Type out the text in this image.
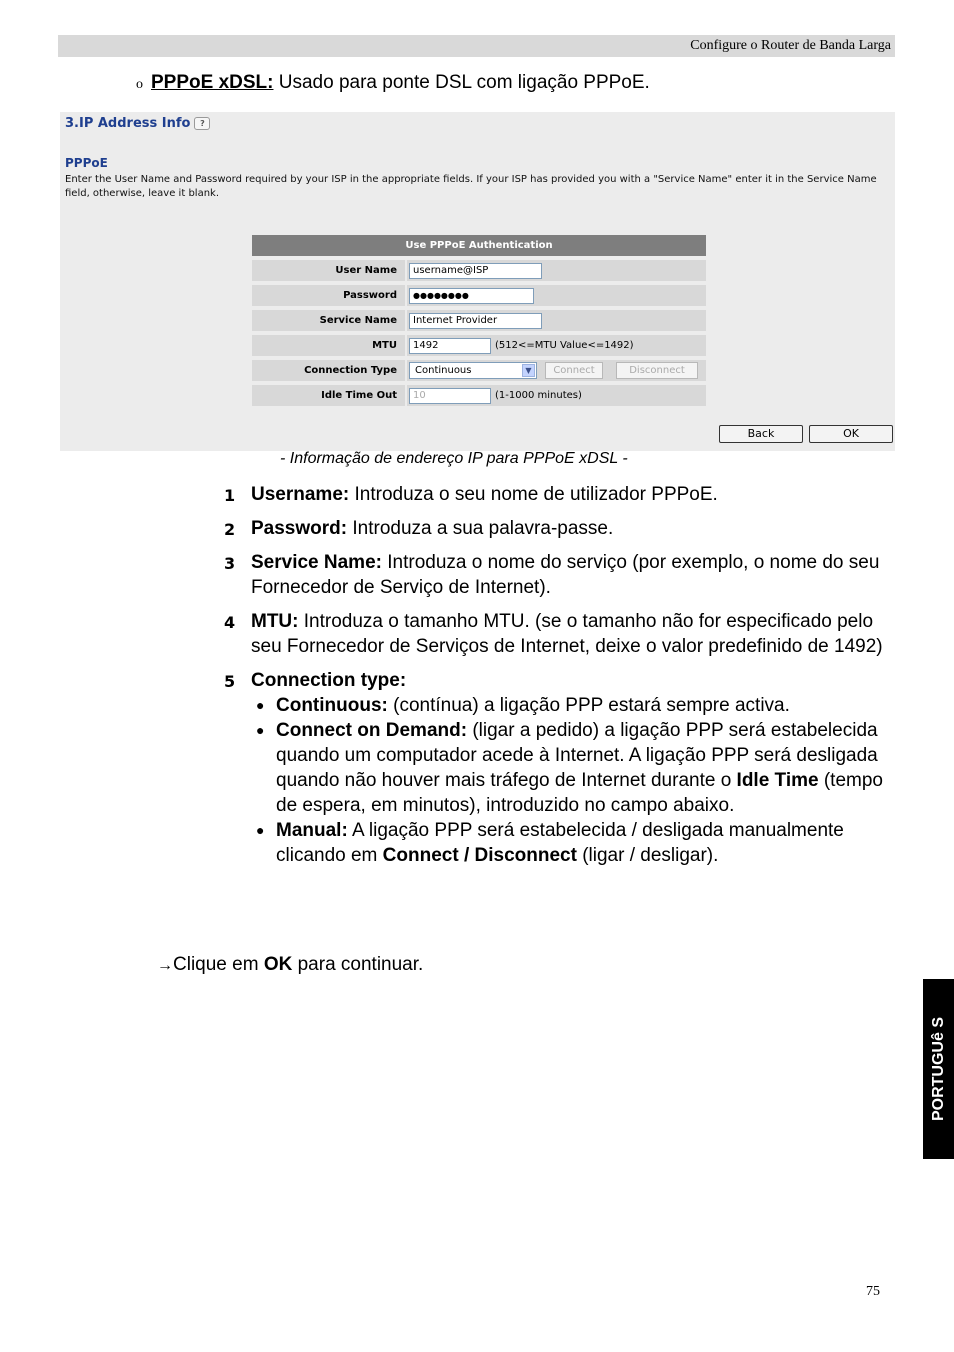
Configure o Router de Banda Larga
o PPPoE xDSL: Usado para ponte DSL com ligação PPPoE.
3.IP Address Info ?
PPPoE
Enter the User Name and Password required by your ISP in the appropriate fields. If your ISP has provided you with a "Service Name" enter it in the Service Name field, otherwise, leave it blank.
Use PPPoE Authentication
User Name	username@ISP
Password	●●●●●●●●
Service Name	Internet Provider
MTU	1492	(512<=MTU Value<=1492)
Connection Type	Continuous	▼	Connect	Disconnect
Idle Time Out	10	(1-1000 minutes)
Back	OK
- Informação de endereço IP para PPPoE xDSL -
1 Username: Introduza o seu nome de utilizador PPPoE.
2 Password: Introduza a sua palavra-passe.
3 Service Name: Introduza o nome do serviço (por exemplo, o nome do seu Fornecedor de Serviço de Internet).
4 MTU: Introduza o tamanho MTU. (se o tamanho não for especificado pelo seu Fornecedor de Serviços de Internet, deixe o valor predefinido de 1492)
5 Connection type:
● Continuous: (contínua) a ligação PPP estará sempre activa.
● Connect on Demand: (ligar a pedido) a ligação PPP será estabelecida quando um computador acede à Internet. A ligação PPP será desligada quando não houver mais tráfego de Internet durante o Idle Time (tempo de espera, em minutos), introduzido no campo abaixo.
● Manual: A ligação PPP será estabelecida / desligada manualmente clicando em Connect / Disconnect (ligar / desligar).
→Clique em OK para continuar.
PORTUGUê S
75
